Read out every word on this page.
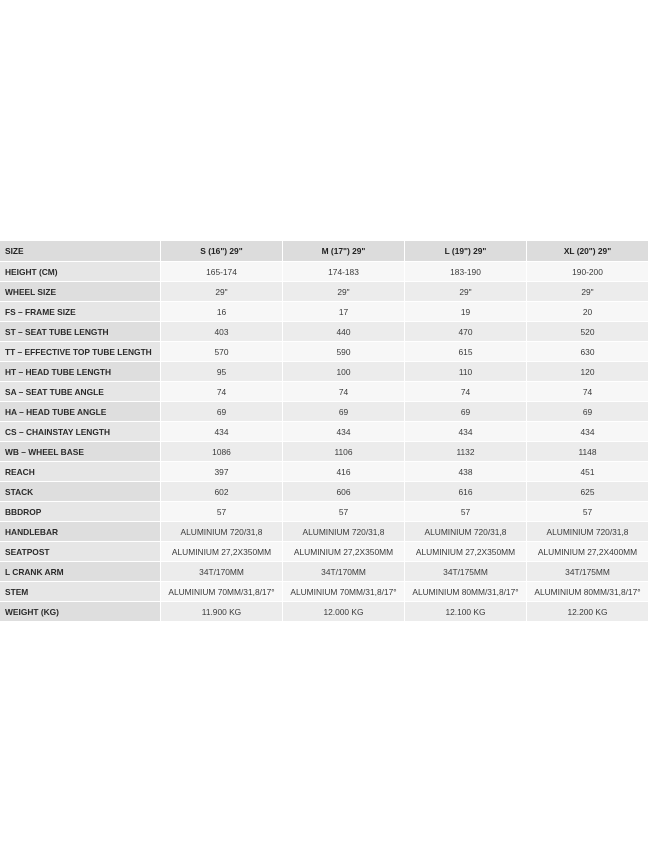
SIZE	S (16") 29"	M (17") 29"	L (19") 29"	XL (20") 29"
HEIGHT (CM)	165-174	174-183	183-190	190-200
WHEEL SIZE	29"	29"	29"	29"
FS – FRAME SIZE	16	17	19	20
ST – SEAT TUBE LENGTH	403	440	470	520
TT – EFFECTIVE TOP TUBE LENGTH	570	590	615	630
HT – HEAD TUBE LENGTH	95	100	110	120
SA – SEAT TUBE ANGLE	74	74	74	74
HA – HEAD TUBE ANGLE	69	69	69	69
CS – CHAINSTAY LENGTH	434	434	434	434
WB – WHEEL BASE	1086	1106	1132	1148
REACH	397	416	438	451
STACK	602	606	616	625
BBDROP	57	57	57	57
HANDLEBAR	ALUMINIUM 720/31,8	ALUMINIUM 720/31,8	ALUMINIUM 720/31,8	ALUMINIUM 720/31,8
SEATPOST	ALUMINIUM 27,2X350MM	ALUMINIUM 27,2X350MM	ALUMINIUM 27,2X350MM	ALUMINIUM 27,2X400MM
L CRANK ARM	34T/170MM	34T/170MM	34T/175MM	34T/175MM
STEM	ALUMINIUM 70MM/31,8/17°	ALUMINIUM 70MM/31,8/17°	ALUMINIUM 80MM/31,8/17°	ALUMINIUM 80MM/31,8/17°
WEIGHT (KG)	11.900 KG	12.000 KG	12.100 KG	12.200 KG
